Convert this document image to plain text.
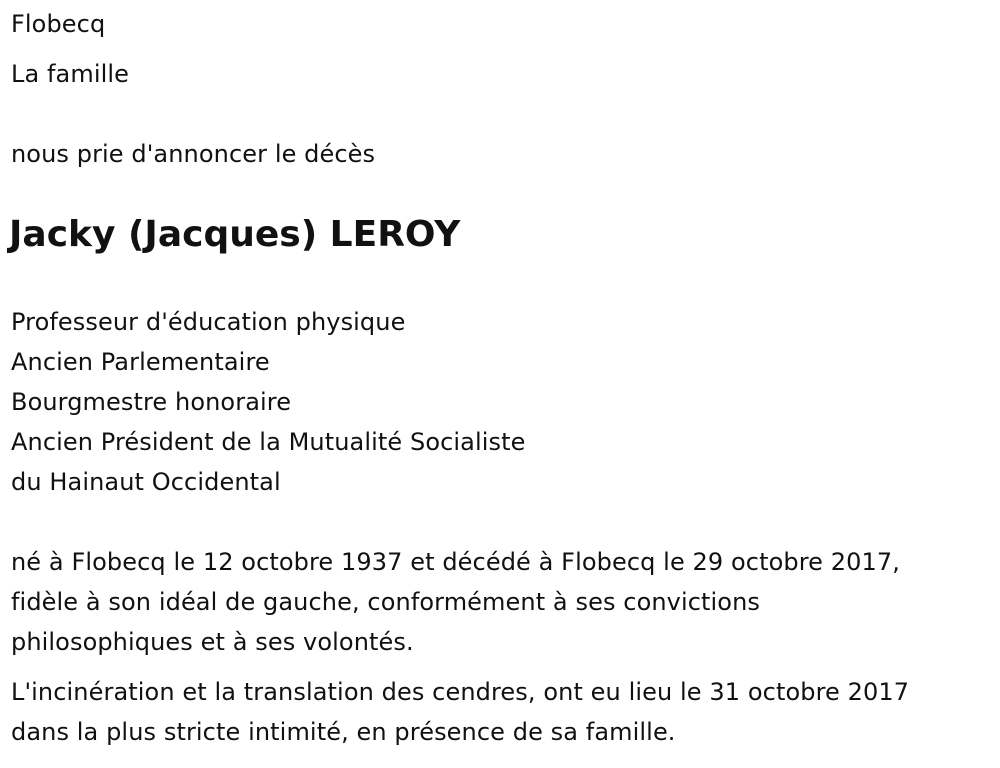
Flobecq

La famille

nous prie d'annoncer le décès

Jacky (Jacques) LEROY

Professeur d'éducation physique

Ancien Parlementaire

Bourgmestre honoraire

Ancien Président de la Mutualité Socialiste

du Hainaut Occidental

né à Flobecq le 12 octobre 1937 et décédé à Flobecq le 29 octobre 2017,

fidèle à son idéal de gauche, conformément à ses convictions

philosophiques et à ses volontés.

L'incinération et la translation des cendres, ont eu lieu le 31 octobre 2017

dans la plus stricte intimité, en présence de sa famille.
